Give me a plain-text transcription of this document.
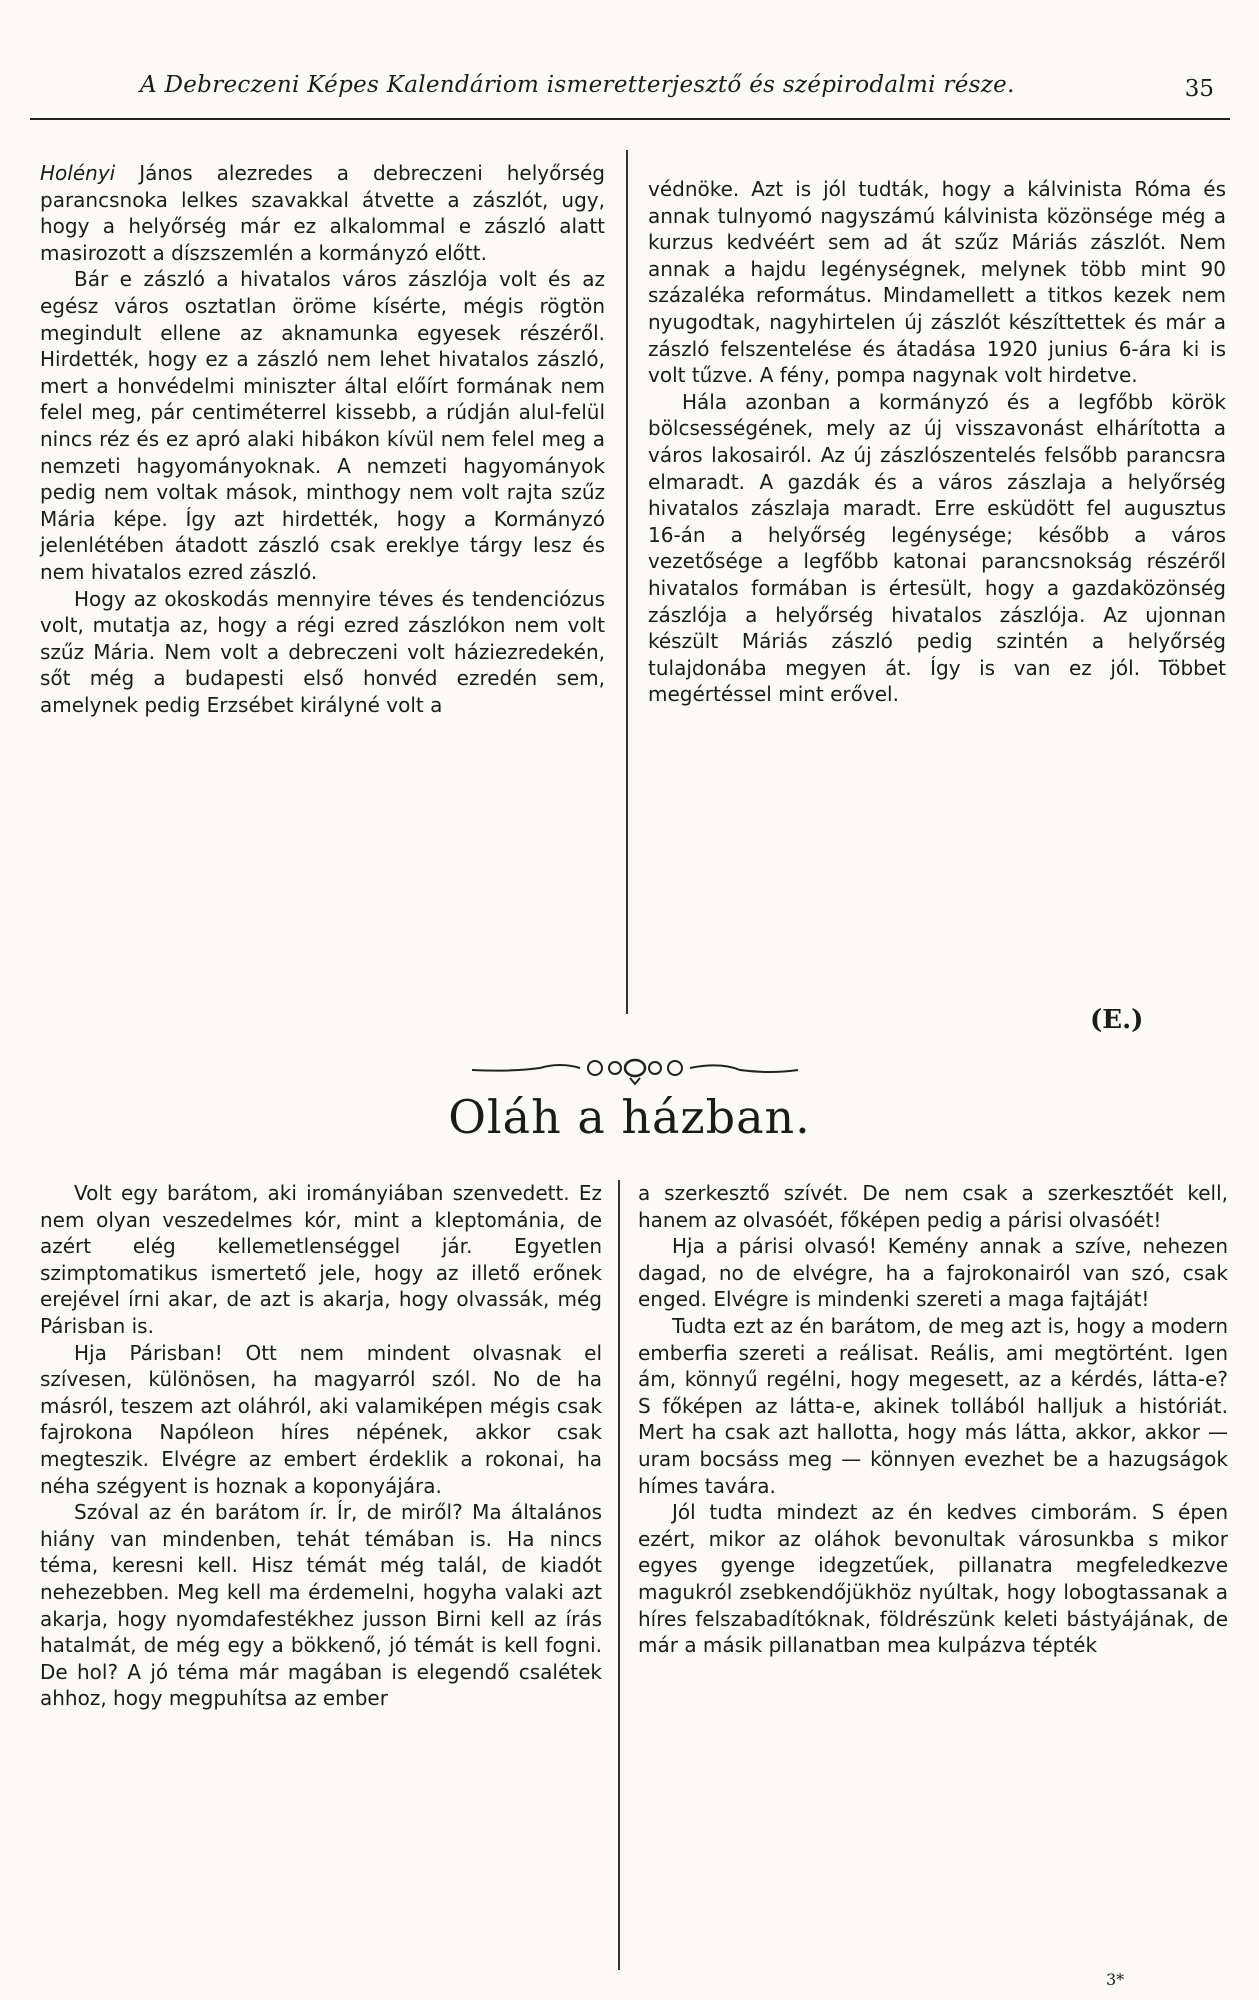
A Debreczeni Képes Kalendáriom ismeretterjesztő és szépirodalmi része.	35

Holényi János alezredes a debreczeni helyőrség parancsnoka lelkes szavakkal átvette a zászlót, ugy, hogy a helyőrség már ez alkalommal e zászló alatt masirozott a díszszemlén a kormányzó előtt.

Bár e zászló a hivatalos város zászlója volt és az egész város osztatlan öröme kísérte, mégis rögtön megindult ellene az aknamunka egyesek részéről. Hirdették, hogy ez a zászló nem lehet hivatalos zászló, mert a honvédelmi miniszter által előírt formának nem felel meg, pár centiméterrel kissebb, a rúdján alul-felül nincs réz és ez apró alaki hibákon kívül nem felel meg a nemzeti hagyományoknak. A nemzeti hagyományok pedig nem voltak mások, minthogy nem volt rajta szűz Mária képe. Így azt hirdették, hogy a Kormányzó jelenlétében átadott zászló csak ereklye tárgy lesz és nem hivatalos ezred zászló.

Hogy az okoskodás mennyire téves és tendenciózus volt, mutatja az, hogy a régi ezred zászlókon nem volt szűz Mária. Nem volt a debreczeni volt háziezredekén, sőt még a budapesti első honvéd ezredén sem, amelynek pedig Erzsébet királyné volt a

védnöke. Azt is jól tudták, hogy a kálvinista Róma és annak tulnyomó nagyszámú kálvinista közönsége még a kurzus kedvéért sem ad át szűz Máriás zászlót. Nem annak a hajdu legénységnek, melynek több mint 90 százaléka református. Mindamellett a titkos kezek nem nyugodtak, nagyhirtelen új zászlót készíttettek és már a zászló felszentelése és átadása 1920 junius 6-ára ki is volt tűzve. A fény, pompa nagynak volt hirdetve.

Hála azonban a kormányzó és a legfőbb körök bölcsességének, mely az új visszavonást elhárította a város lakosairól. Az új zászlószentelés felsőbb parancsra elmaradt. A gazdák és a város zászlaja a helyőrség hivatalos zászlaja maradt. Erre esküdött fel augusztus 16-án a helyőrség legénysége; később a város vezetősége a legfőbb katonai parancsnokság részéről hivatalos formában is értesült, hogy a gazdaközönség zászlója a helyőrség hivatalos zászlója. Az ujonnan készült Máriás zászló pedig szintén a helyőrség tulajdonába megyen át. Így is van ez jól. Többet megértéssel mint erővel.

(E.)
Oláh a házban.

Volt egy barátom, aki irományiában szenvedett. Ez nem olyan veszedelmes kór, mint a kleptománia, de azért elég kellemetlenséggel jár. Egyetlen szimptomatikus ismertető jele, hogy az illető erőnek erejével írni akar, de azt is akarja, hogy olvassák, még Párisban is.

Hja Párisban! Ott nem mindent olvasnak el szívesen, különösen, ha magyarról szól. No de ha másról, teszem azt oláhról, aki valamiképen mégis csak fajrokona Napóleon híres népének, akkor csak megteszik. Elvégre az embert érdeklik a rokonai, ha néha szégyent is hoznak a koponyájára.

Szóval az én barátom ír. Ír, de miről? Ma általános hiány van mindenben, tehát témában is. Ha nincs téma, keresni kell. Hisz témát még talál, de kiadót nehezebben. Meg kell ma érdemelni, hogyha valaki azt akarja, hogy nyomdafestékhez jusson Birni kell az írás hatalmát, de még egy a bökkenő, jó témát is kell fogni. De hol? A jó téma már magában is elegendő csalétek ahhoz, hogy megpuhítsa az ember

a szerkesztő szívét. De nem csak a szerkesztőét kell, hanem az olvasóét, főképen pedig a párisi olvasóét!

Hja a párisi olvasó! Kemény annak a szíve, nehezen dagad, no de elvégre, ha a fajrokonairól van szó, csak enged. Elvégre is mindenki szereti a maga fajtáját!

Tudta ezt az én barátom, de meg azt is, hogy a modern emberfia szereti a reálisat. Reális, ami megtörtént. Igen ám, könnyű regélni, hogy megesett, az a kérdés, látta-e? S főképen az látta-e, akinek tollából halljuk a históriát. Mert ha csak azt hallotta, hogy más látta, akkor, akkor — uram bocsáss meg — könnyen evezhet be a hazugságok hímes tavára.

Jól tudta mindezt az én kedves cimborám. S épen ezért, mikor az oláhok bevonultak városunkba s mikor egyes gyenge idegzetűek, pillanatra megfeledkezve magukról zsebkendőjükhöz nyúltak, hogy lobogtassanak a híres felszabadítóknak, földrészünk keleti bástyájának, de már a másik pillanatban mea kulpázva tépték

3*
